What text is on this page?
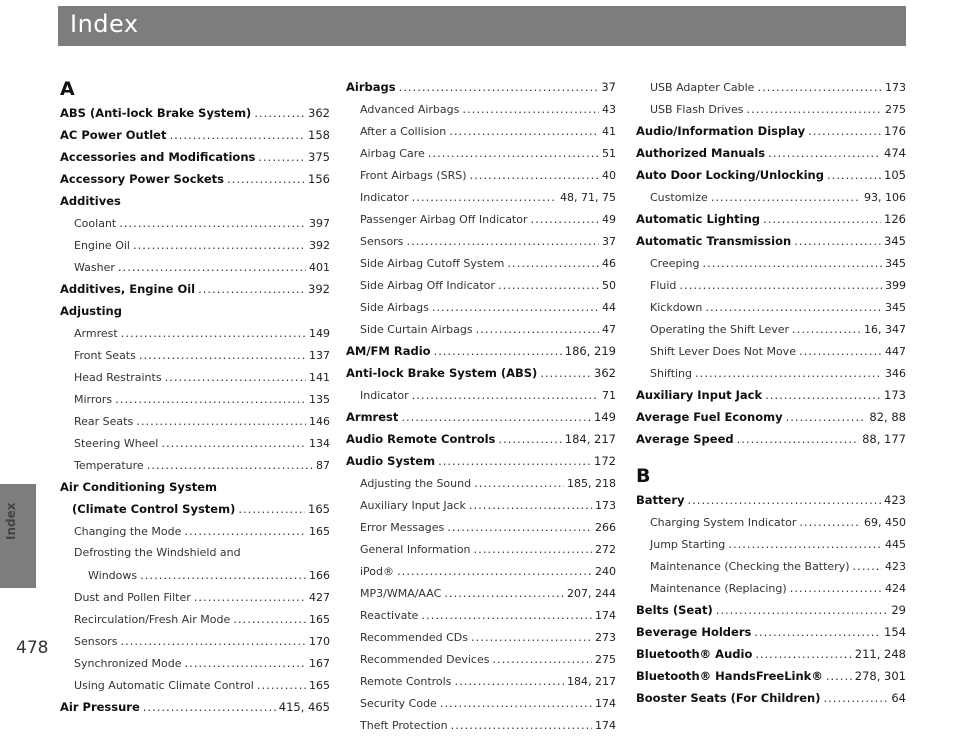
Index
Index
478
A
ABS (Anti-lock Brake System) .....	362
AC Power Outlet .....	158
Accessories and Modifications .....	375
Accessory Power Sockets .....	156
Additives
Coolant .....	397
Engine Oil .....	392
Washer .....	401
Additives, Engine Oil .....	392
Adjusting
Armrest .....	149
Front Seats .....	137
Head Restraints .....	141
Mirrors .....	135
Rear Seats .....	146
Steering Wheel .....	134
Temperature .....	87
Air Conditioning System
(Climate Control System) .....	165
Changing the Mode .....	165
Defrosting the Windshield and
Windows .....	166
Dust and Pollen Filter .....	427
Recirculation/Fresh Air Mode .....	165
Sensors .....	170
Synchronized Mode .....	167
Using Automatic Climate Control .....	165
Air Pressure .....	415, 465
Airbags .....	37
Advanced Airbags .....	43
After a Collision .....	41
Airbag Care .....	51
Front Airbags (SRS) .....	40
Indicator .....	48, 71, 75
Passenger Airbag Off Indicator .....	49
Sensors .....	37
Side Airbag Cutoff System .....	46
Side Airbag Off Indicator .....	50
Side Airbags .....	44
Side Curtain Airbags .....	47
AM/FM Radio .....	186, 219
Anti-lock Brake System (ABS) .....	362
Indicator .....	71
Armrest .....	149
Audio Remote Controls .....	184, 217
Audio System .....	172
Adjusting the Sound .....	185, 218
Auxiliary Input Jack .....	173
Error Messages .....	266
General Information .....	272
iPod® .....	240
MP3/WMA/AAC .....	207, 244
Reactivate .....	174
Recommended CDs .....	273
Recommended Devices .....	275
Remote Controls .....	184, 217
Security Code .....	174
Theft Protection .....	174
USB Adapter Cable .....	173
USB Flash Drives .....	275
Audio/Information Display .....	176
Authorized Manuals .....	474
Auto Door Locking/Unlocking .....	105
Customize .....	93, 106
Automatic Lighting .....	126
Automatic Transmission .....	345
Creeping .....	345
Fluid .....	399
Kickdown .....	345
Operating the Shift Lever .....	16, 347
Shift Lever Does Not Move .....	447
Shifting .....	346
Auxiliary Input Jack .....	173
Average Fuel Economy .....	82, 88
Average Speed .....	88, 177
B
Battery .....	423
Charging System Indicator .....	69, 450
Jump Starting .....	445
Maintenance (Checking the Battery) .....	423
Maintenance (Replacing) .....	424
Belts (Seat) .....	29
Beverage Holders .....	154
Bluetooth® Audio .....	211, 248
Bluetooth® HandsFreeLink® .....	278, 301
Booster Seats (For Children) .....	64
